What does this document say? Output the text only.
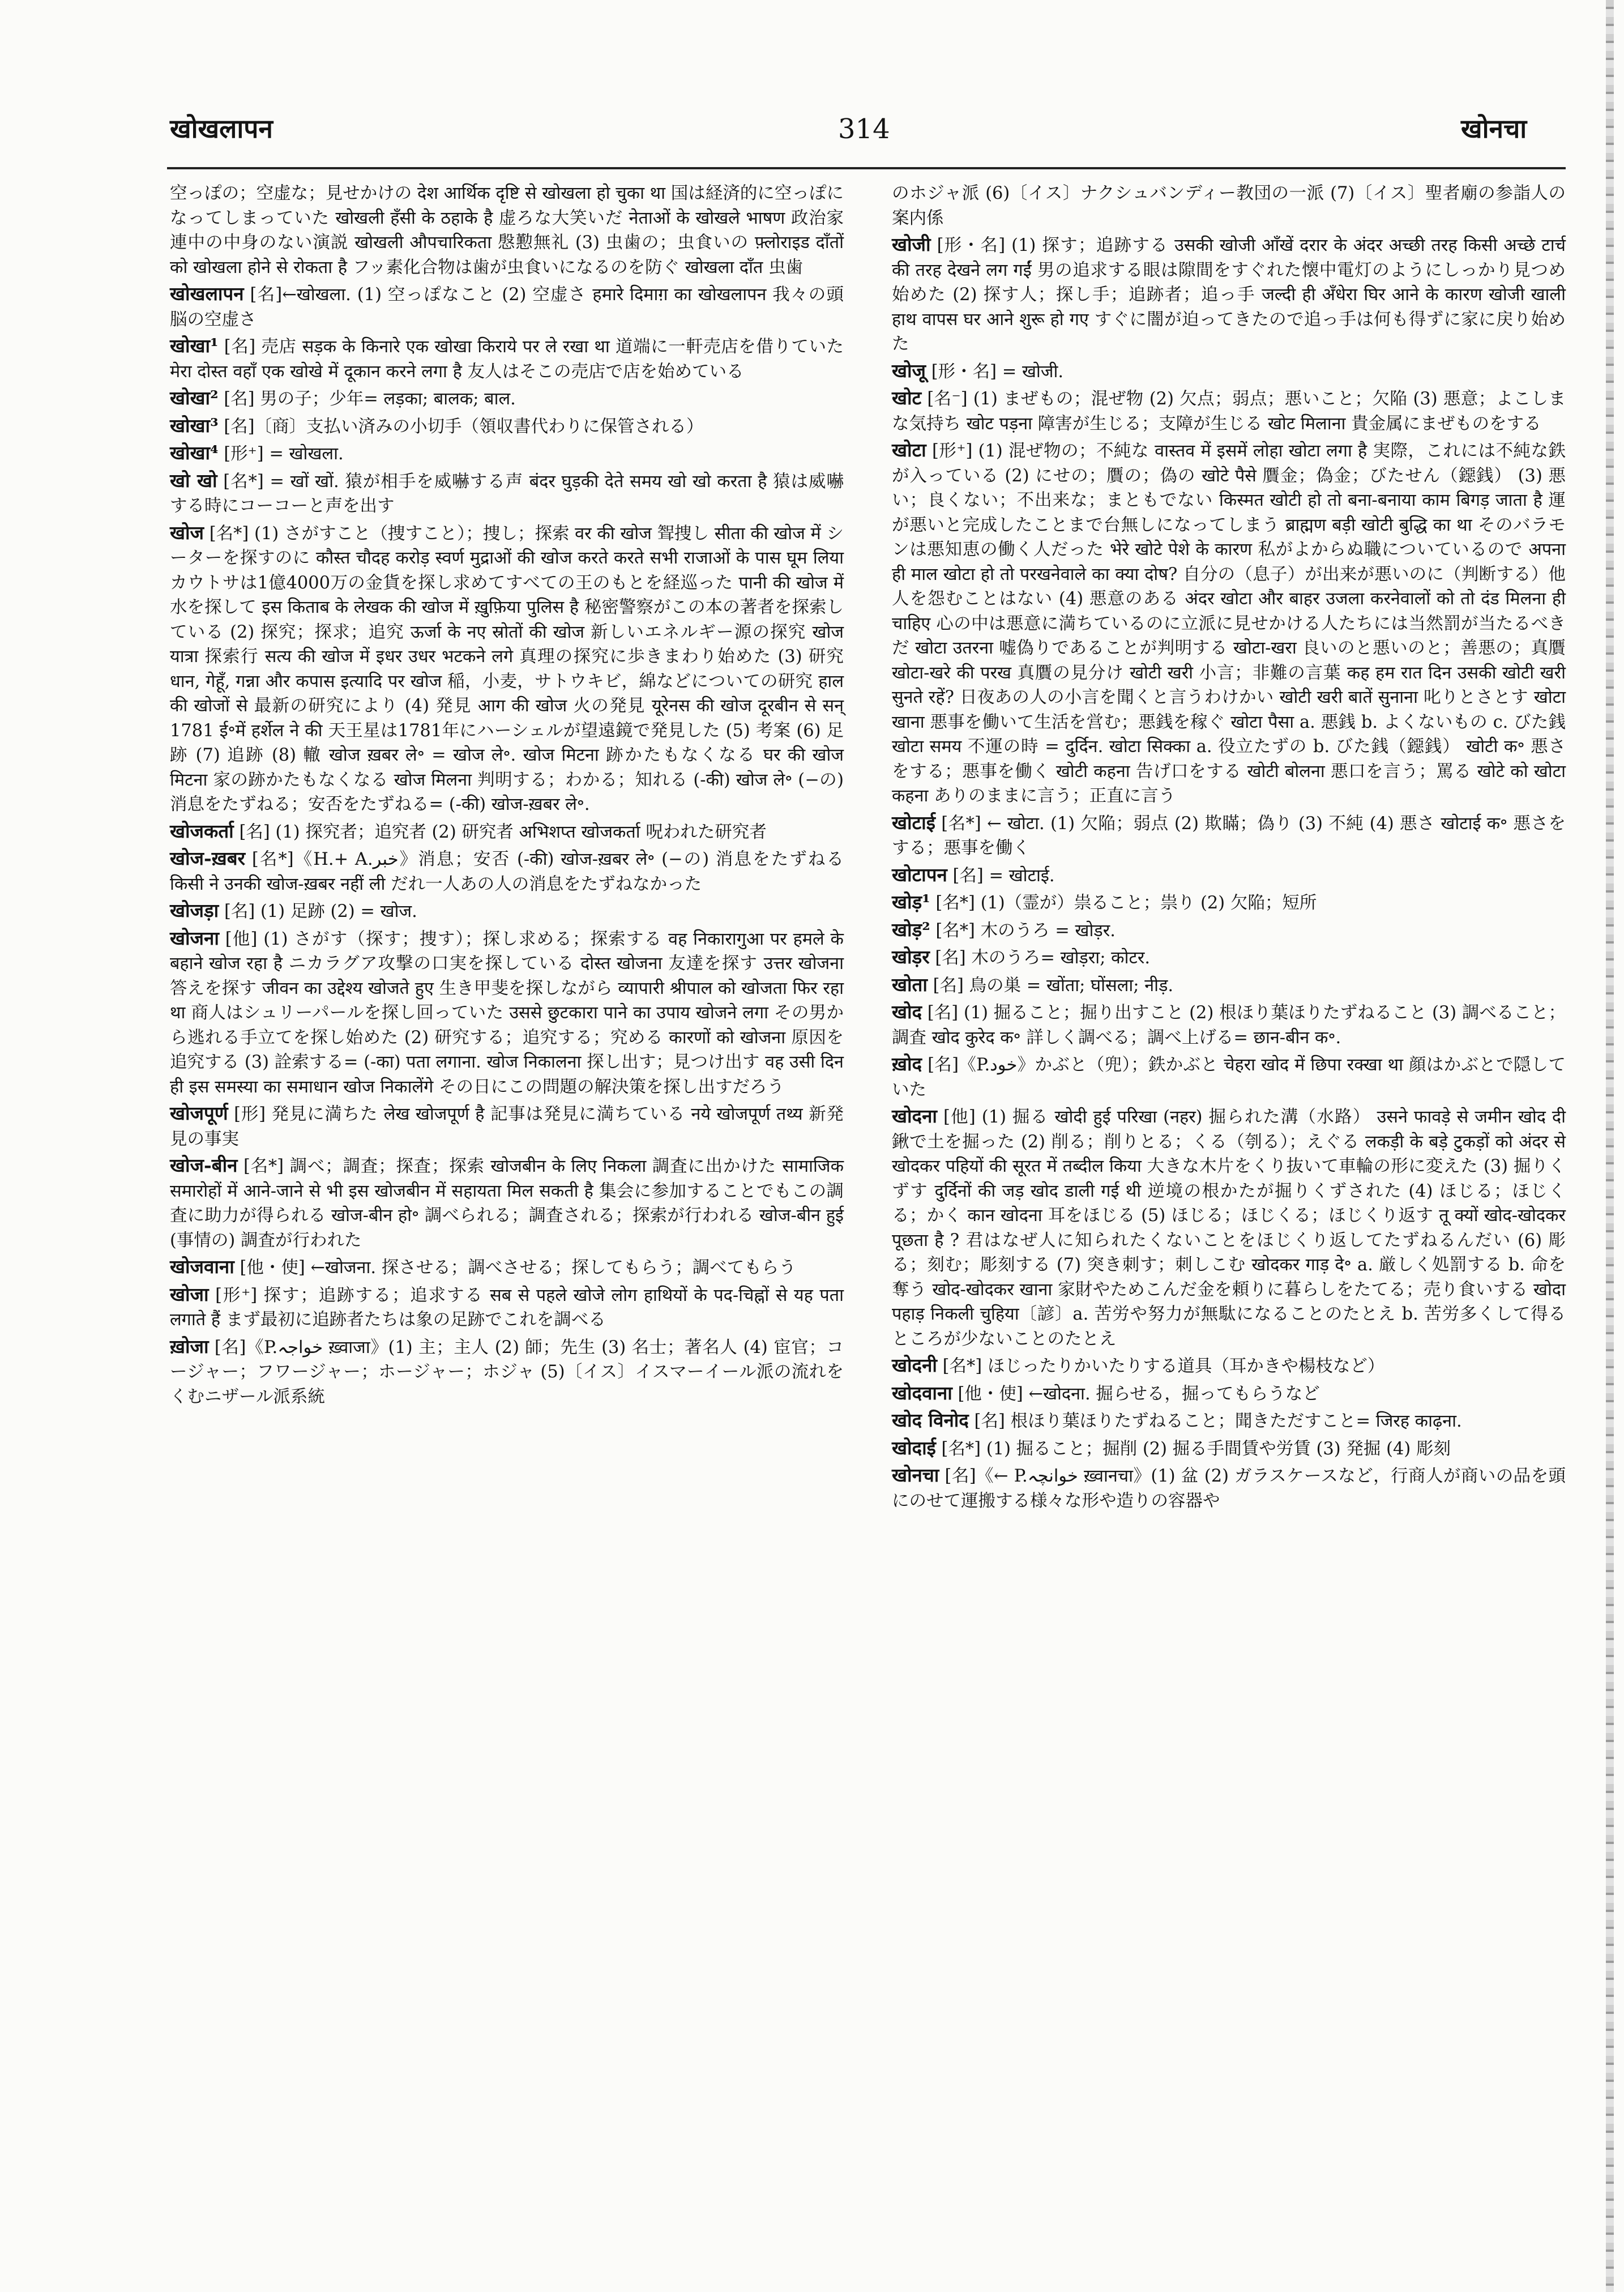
खोखलापन	314	खोनचा

空っぽの；空虚な；見せかけの देश आर्थिक दृष्टि से खोखला हो चुका था 国は経済的に空っぽになってしまっていた खोखली हँसी के ठहाके है 虚ろな大笑いだ नेताओं के खोखले भाषण 政治家連中の中身のない演説 खोखली औपचारिकता 慇懃無礼 (3) 虫歯の；虫食いの फ़्लोराइड दाँतों को खोखला होने से रोकता है フッ素化合物は歯が虫食いになるのを防ぐ खोखला दाँत 虫歯

खोखलापन [名]←खोखला. (1) 空っぽなこと (2) 空虚さ हमारे दिमाग़ का खोखलापन 我々の頭脳の空虚さ

खोखा¹ [名] 売店 सड़क के किनारे एक खोखा किराये पर ले रखा था 道端に一軒売店を借りていた मेरा दोस्त वहाँ एक खोखे में दूकान करने लगा है 友人はそこの売店で店を始めている

खोखा² [名] 男の子；少年= लड़का; बालक; बाल.

खोखा³ [名]〔商〕支払い済みの小切手（領収書代わりに保管される）

खोखा⁴ [形⁺] = खोखला.

खो खो [名*] = खों खों. 猿が相手を威嚇する声 बंदर घुड़की देते समय खो खो करता है 猿は威嚇する時にコーコーと声を出す

खोज [名*] (1) さがすこと（捜すこと）；捜し；探索 वर की खोज 聟捜し सीता की खोज में シーターを探すのに कौस्त चौदह करोड़ स्वर्ण मुद्राओं की खोज करते करते सभी राजाओं के पास घूम लिया カウトサは1億4000万の金貨を探し求めてすべての王のもとを経巡った पानी की खोज में 水を探して इस किताब के लेखक की खोज में ख़ुफ़िया पुलिस है 秘密警察がこの本の著者を探索している (2) 探究；探求；追究 ऊर्जा के नए स्रोतों की खोज 新しいエネルギー源の探究 खोज यात्रा 探索行 सत्य की खोज में इधर उधर भटकने लगे 真理の探究に歩きまわり始めた (3) 研究 धान, गेहूँ, गन्ना और कपास इत्यादि पर खोज 稲，小麦，サトウキビ，綿などについての研究 हाल की खोजों से 最新の研究により (4) 発見 आग की खोज 火の発見 यूरेनस की खोज दूरबीन से सन् 1781 ई॰में हर्शेल ने की 天王星は1781年にハーシェルが望遠鏡で発見した (5) 考案 (6) 足跡 (7) 追跡 (8) 轍 खोज ख़बर ले॰ = खोज ले॰. खोज मिटना 跡かたもなくなる घर की खोज मिटना 家の跡かたもなくなる खोज मिलना 判明する；わかる；知れる (-की) खोज ले॰ (−の) 消息をたずねる；安否をたずねる= (-की) खोज-ख़बर ले॰.

खोजकर्ता [名] (1) 探究者；追究者 (2) 研究者 अभिशप्त खोजकर्ता 呪われた研究者

खोज-ख़बर [名*]《H.+ A.خبر》消息；安否 (-की) खोज-ख़बर ले॰ (−の) 消息をたずねる किसी ने उनकी खोज-ख़बर नहीं ली だれ一人あの人の消息をたずねなかった

खोजड़ा [名] (1) 足跡 (2) = खोज.

खोजना [他] (1) さがす（探す；捜す）；探し求める；探索する वह निकारागुआ पर हमले के बहाने खोज रहा है ニカラグア攻撃の口実を探している दोस्त खोजना 友達を探す उत्तर खोजना 答えを探す जीवन का उद्देश्य खोजते हुए 生き甲斐を探しながら व्यापारी श्रीपाल को खोजता फिर रहा था 商人はシュリーパールを探し回っていた उससे छुटकारा पाने का उपाय खोजने लगा その男から逃れる手立てを探し始めた (2) 研究する；追究する；究める कारणों को खोजना 原因を追究する (3) 詮索する= (-का) पता लगाना. खोज निकालना 探し出す；見つけ出す वह उसी दिन ही इस समस्या का समाधान खोज निकालेंगे その日にこの問題の解決策を探し出すだろう

खोजपूर्ण [形] 発見に満ちた लेख खोजपूर्ण है 記事は発見に満ちている नये खोजपूर्ण तथ्य 新発見の事実

खोज-बीन [名*] 調べ；調査；探査；探索 खोजबीन के लिए निकला 調査に出かけた सामाजिक समारोहों में आने-जाने से भी इस खोजबीन में सहायता मिल सकती है 集会に参加することでもこの調査に助力が得られる खोज-बीन हो॰ 調べられる；調査される；探索が行われる खोज-बीन हुई (事情の) 調査が行われた

खोजवाना [他・使] ←खोजना. 探させる；調べさせる；探してもらう；調べてもらう

खोजा [形⁺] 探す；追跡する；追求する सब से पहले खोजे लोग हाथियों के पद-चिह्नों से यह पता लगाते हैं まず最初に追跡者たちは象の足跡でこれを調べる

ख़ोजा [名]《P.خواجہ ख़्वाजा》(1) 主；主人 (2) 師；先生 (3) 名士；著名人 (4) 宦官；コージャー；フワージャー；ホージャー；ホジャ (5)〔イス〕イスマーイール派の流れをくむニザール派系統

のホジャ派 (6)〔イス〕ナクシュバンディー教団の一派 (7)〔イス〕聖者廟の参詣人の案内係

खोजी [形・名] (1) 探す；追跡する उसकी खोजी आँखें दरार के अंदर अच्छी तरह किसी अच्छे टार्च की तरह देखने लग गईं 男の追求する眼は隙間をすぐれた懐中電灯のようにしっかり見つめ始めた (2) 探す人；探し手；追跡者；追っ手 जल्दी ही अँधेरा घिर आने के कारण खोजी खाली हाथ वापस घर आने शुरू हो गए すぐに闇が迫ってきたので追っ手は何も得ずに家に戻り始めた

खोजू [形・名] = खोजी.

खोट [名⁻] (1) まぜもの；混ぜ物 (2) 欠点；弱点；悪いこと；欠陥 (3) 悪意；よこしまな気持ち खोट पड़ना 障害が生じる；支障が生じる खोट मिलाना 貴金属にまぜものをする

खोटा [形⁺] (1) 混ぜ物の；不純な वास्तव में इसमें लोहा खोटा लगा है 実際，これには不純な鉄が入っている (2) にせの；贋の；偽の खोटे पैसे 贋金；偽金；びたせん（鐚銭） (3) 悪い；良くない；不出来な；まともでない किस्मत खोटी हो तो बना-बनाया काम बिगड़ जाता है 運が悪いと完成したことまで台無しになってしまう ब्राह्मण बड़ी खोटी बुद्धि का था そのバラモンは悪知恵の働く人だった भेरे खोटे पेशे के कारण 私がよからぬ職についているので अपना ही माल खोटा हो तो परखनेवाले का क्या दोष? 自分の（息子）が出来が悪いのに（判断する）他人を怨むことはない (4) 悪意のある अंदर खोटा और बाहर उजला करनेवालों को तो दंड मिलना ही चाहिए 心の中は悪意に満ちているのに立派に見せかける人たちには当然罰が当たるべきだ खोटा उतरना 嘘偽りであることが判明する खोटा-खरा 良いのと悪いのと；善悪の；真贋 खोटा-खरे की परख 真贋の見分け खोटी खरी 小言；非難の言葉 कह हम रात दिन उसकी खोटी खरी सुनते रहें? 日夜あの人の小言を聞くと言うわけかい खोटी खरी बातें सुनाना 叱りとさとす खोटा खाना 悪事を働いて生活を営む；悪銭を稼ぐ खोटा पैसा a. 悪銭 b. よくないもの c. びた銭 खोटा समय 不運の時 = दुर्दिन. खोटा सिक्का a. 役立たずの b. びた銭（鐚銭） खोटी क॰ 悪さをする；悪事を働く खोटी कहना 告げ口をする खोटी बोलना 悪口を言う；罵る खोटे को खोटा कहना ありのままに言う；正直に言う

खोटाई [名*] ← खोटा. (1) 欠陥；弱点 (2) 欺瞞；偽り (3) 不純 (4) 悪さ खोटाई क॰ 悪さをする；悪事を働く

खोटापन [名] = खोटाई.

खोड़¹ [名*] (1)（霊が）祟ること；祟り (2) 欠陥；短所

खोड़² [名*] 木のうろ = खोड़र.

खोड़र [名] 木のうろ= खोड़रा; कोटर.

खोता [名] 鳥の巣 = खोंता; घोंसला; नीड़.

खोद [名] (1) 掘ること；掘り出すこと (2) 根ほり葉ほりたずねること (3) 調べること；調査 खोद कुरेद क॰ 詳しく調べる；調べ上げる= छान-बीन क॰.

ख़ोद [名]《P.خود》かぶと（兜）；鉄かぶと चेहरा खोद में छिपा रक्खा था 顔はかぶとで隠していた

खोदना [他] (1) 掘る खोदी हुई परिखा (नहर) 掘られた溝（水路） उसने फावड़े से जमीन खोद दी 鍬で土を掘った (2) 削る；削りとる；くる（刳る）；えぐる लकड़ी के बड़े टुकड़ों को अंदर से खोदकर पहियों की सूरत में तब्दील किया 大きな木片をくり抜いて車輪の形に変えた (3) 掘りくずす दुर्दिनों की जड़ खोद डाली गई थी 逆境の根かたが掘りくずされた (4) ほじる；ほじくる；かく कान खोदना 耳をほじる (5) ほじる；ほじくる；ほじくり返す तू क्यों खोद-खोदकर पूछता है ? 君はなぜ人に知られたくないことをほじくり返してたずねるんだい (6) 彫る；刻む；彫刻する (7) 突き刺す；刺しこむ खोदकर गाड़ दे॰ a. 厳しく処罰する b. 命を奪う खोद-खोदकर खाना 家財やためこんだ金を頼りに暮らしをたてる；売り食いする खोदा पहाड़ निकली चुहिया〔諺〕a. 苦労や努力が無駄になることのたとえ b. 苦労多くして得るところが少ないことのたとえ

खोदनी [名*] ほじったりかいたりする道具（耳かきや楊枝など）

खोदवाना [他・使] ←खोदना. 掘らせる，掘ってもらうなど

खोद विनोद [名] 根ほり葉ほりたずねること；聞きただすこと= जिरह काढ़ना.

खोदाई [名*] (1) 掘ること；掘削 (2) 掘る手間賃や労賃 (3) 発掘 (4) 彫刻

खोनचा [名]《← P.خوانچہ ख़्वानचा》(1) 盆 (2) ガラスケースなど，行商人が商いの品を頭にのせて運搬する様々な形や造りの容器や
